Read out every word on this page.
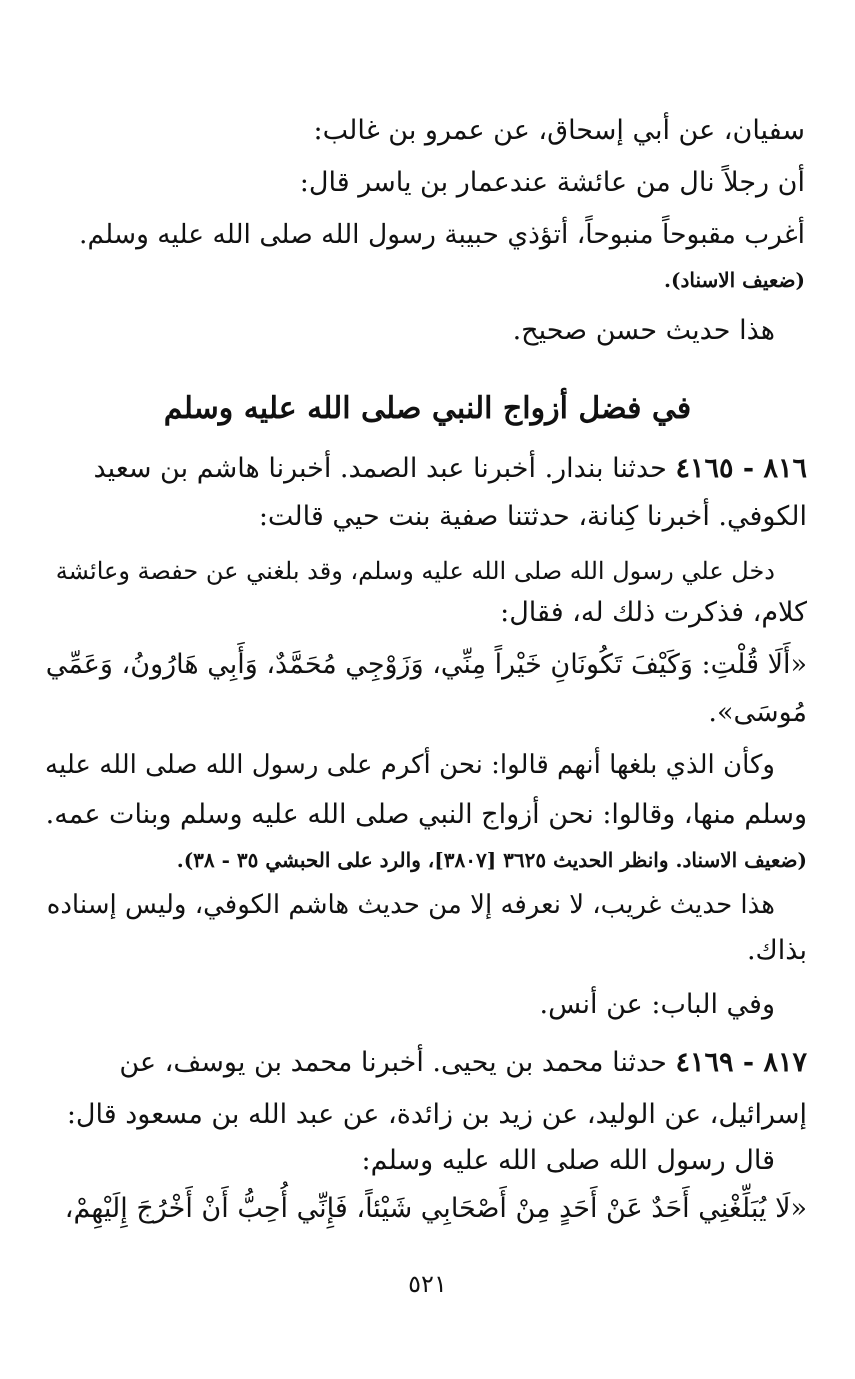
سفيان، عن أبي إسحاق، عن عمرو بن غالب:
أن رجلاً نال من عائشة عندعمار بن ياسر قال:
أغرب مقبوحاً منبوحاً، أتؤذي حبيبة رسول الله صلى الله عليه وسلم.
(ضعيف الاسناد).
هذا حديث حسن صحيح.
في فضل أزواج النبي صلى الله عليه وسلم
٨١٦ - ٤١٦٥ حدثنا بندار. أخبرنا عبد الصمد. أخبرنا هاشم بن سعيد
الكوفي. أخبرنا كِنانة، حدثتنا صفية بنت حيي قالت:
دخل علي رسول الله صلى الله عليه وسلم، وقد بلغني عن حفصة وعائشة
كلام، فذكرت ذلك له، فقال:
«أَلَا قُلْتِ: وَكَيْفَ تَكُونَانِ خَيْراً مِنِّي، وَزَوْجِي مُحَمَّدٌ، وَأَبِي هَارُونُ، وَعَمِّي
مُوسَى».
وكأن الذي بلغها أنهم قالوا: نحن أكرم على رسول الله صلى الله عليه
وسلم منها، وقالوا: نحن أزواج النبي صلى الله عليه وسلم وبنات عمه.
(ضعيف الاسناد. وانظر الحديث ٣٦٢٥ [٣٨٠٧]، والرد على الحبشي ٣٥ - ٣٨).
هذا حديث غريب، لا نعرفه إلا من حديث هاشم الكوفي، وليس إسناده
بذاك.
وفي الباب: عن أنس.
٨١٧ - ٤١٦٩ حدثنا محمد بن يحيى. أخبرنا محمد بن يوسف، عن
إسرائيل، عن الوليد، عن زيد بن زائدة، عن عبد الله بن مسعود قال:
قال رسول الله صلى الله عليه وسلم:
«لَا يُبَلِّغْنِي أَحَدٌ عَنْ أَحَدٍ مِنْ أَصْحَابِي شَيْئاً، فَإِنِّي أُحِبُّ أَنْ أَخْرُجَ إِلَيْهِمْ،
٥٢١
